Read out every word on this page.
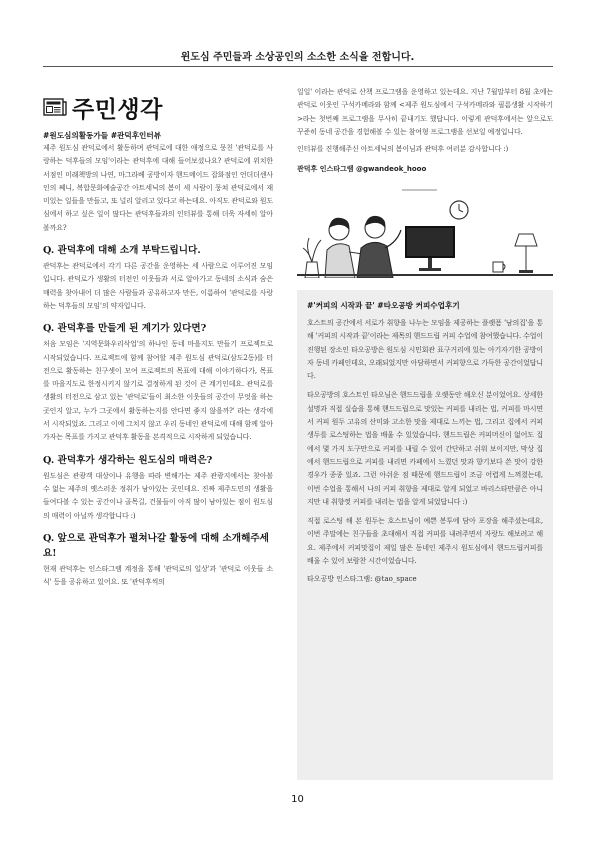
윈도심 주민들과 소상공인의 소소한 소식을 전합니다.
주민생각
#원도심의활동가들 #관덕후인터뷰

제주 원도심 관덕로에서 활동하며 관덕로에 대한 애정으로 뭉친 '관덕로를 사랑하는 덕후들의 모임'이라는 관덕후에 대해 들어보셨나요? 관덕로에 위치한 서점인 미래책방의 나연, 마그라베 공방이자 핸드메이드 잡화점인 언더더센사인의 쩨니, 복합문화예술공간 아트세닉의 봄이 세 사람이 뭉쳐 관덕로에서 재미있는 일들을 만들고, 또 널리 알리고 있다고 하는데요. 아직도 관덕로와 원도심에서 하고 싶은 일이 많다는 관덕후들과의 인터뷰를 통해 더욱 자세히 알아볼까요?

Q. 관덕후에 대해 소개 부탁드립니다.

관덕후는 관덕로에서 각기 다른 공간을 운영하는 세 사람으로 이루어진 모임입니다. 관덕로가 생활의 터전인 이웃들과 서로 알아가고 동네의 소식과 숨은 매력을 찾아내어 더 많은 사람들과 공유하고자 만든, 이름하여 '관덕로를 사랑하는 덕후들의 모임'의 약자입니다.

Q. 관덕후를 만들게 된 계기가 있다면?

처음 모임은 '지역문화우리삭업'의 하나인 동네 마을지도 만들기 프로젝트로 시작되었습니다. 프로젝트에 함께 참여할 제주 원도심 관덕로(삼도2동)를 터전으로 활동하는 친구셋이 모여 프로젝트의 목표에 대해 이야기하다가, 목표를 마을지도로 한정시키지 않기로 결정하게 된 것이 큰 계기인데요. 관덕로를 생활의 터전으로 삼고 있는 '관덕로'들이 최소한 이웃들의 공간이 무엇을 하는 곳인지 알고, 누가 그곳에서 활동하는지를 안다면 좋지 않을까?' 라는 생각에서 시작되었죠. 그리고 이에 그치지 않고 우리 동네인 관덕로에 대해 함께 알아가자는 목표를 가지고 관덕후 활동을 본격적으로 시작하게 되었습니다.

Q. 관덕후가 생각하는 원도심의 매력은?

원도심은 관광객 대상이나 유행을 따라 변해가는 제주 관광지에서는 찾아볼 수 없는 제주의 옛스러운 정취가 남아있는 곳인데요. 진짜 제주도민의 생활을 들여다볼 수 있는 공간이나 골목길, 건물들이 아직 많이 남아있는 점이 원도심의 매력이 아닐까 생각합니다 :)

Q. 앞으로 관덕후가 펼쳐나갈 활동에 대해 소개해주세요!

현재 관덕후는 인스타그램 계정을 통해 '관덕로의 일상'과 '관덕로 이웃들 소식' 등을 공유하고 있어요. 또 '관덕후씩의

일일' 이라는 관덕로 산책 프로그램을 운영하고 있는데요. 지난 7월말부터 8월 초에는 관덕로 이웃인 구석카메라와 함께 <제주 원도심에서 구석카메라와 필름생활 시작하기>라는 첫번째 프로그램을 무사히 끝내기도 했답니다. 이렇게 관덕후에서는 앞으로도 꾸준히 동네 공간을 경험해볼 수 있는 참여형 프로그램을 선보일 예정입니다.

인터뷰를 진행해주신 아트세닉의 봄이님과 관덕후 여러분 감사합니다 :)

관덕후 인스타그램 @gwandeok_hooo
#'커피의 시작과 끝' #타오공방 커피수업후기

호스트의 공간에서 서로가 취향을 나누는 모임을 제공하는 플랫폼 '남의집'을 통해 '커피의 시작과 끝'이라는 제목의 핸드드립 커피 수업에 참여했습니다. 수업이 진행된 장소인 타오공방은 원도심 시민회관 표구거리에 있는 아기자기한 공방이자 동네 카페인데요, 오래되었지만 아담하면서 커피향으로 가득한 공간이었답니다.

타오공방의 호스트인 타오님은 핸드드립을 오랫동안 해오신 분이었어요. 상세한 설명과 직접 실습을 통해 핸드드립으로 맛있는 커피를 내리는 법, 커피를 마시면서 커피 원두 고유의 산미와 고소한 맛을 제대로 느끼는 법, 그리고 집에서 커피 생두를 로스팅하는 법을 배울 수 있었습니다. 핸드드립은 커피머신이 없어도 집에서 몇 가지 도구만으로 커피를 내릴 수 있어 간단하고 쉬워 보이지만, 막상 집에서 핸드드립으로 커피를 내리면 카페에서 느꼈던 맛과 향기보다 쓴 맛이 강한 경우가 종종 있죠. 그런 아쉬운 점 때문에 핸드드립이 조금 어렵게 느껴졌는데, 이번 수업을 통해서 나의 커피 취향을 제대로 알게 되었고 바리스타만큼은 아니지만 내 취향껏 커피를 내리는 법을 알게 되었답니다 :)

직접 로스팅 해 본 원두는 호스트님이 예쁜 봉투에 담아 포장을 해주셨는데요, 이번 주말에는 친구들을 초대해서 직접 커피를 내려주면서 자랑도 해보려고 해요. 제주에서 커피맛집이 제일 많은 동네인 제주시 원도심에서 핸드드립커피를 배울 수 있어 보람찬 시간이었습니다.

타오공방 인스타그램: @tao_space
10
